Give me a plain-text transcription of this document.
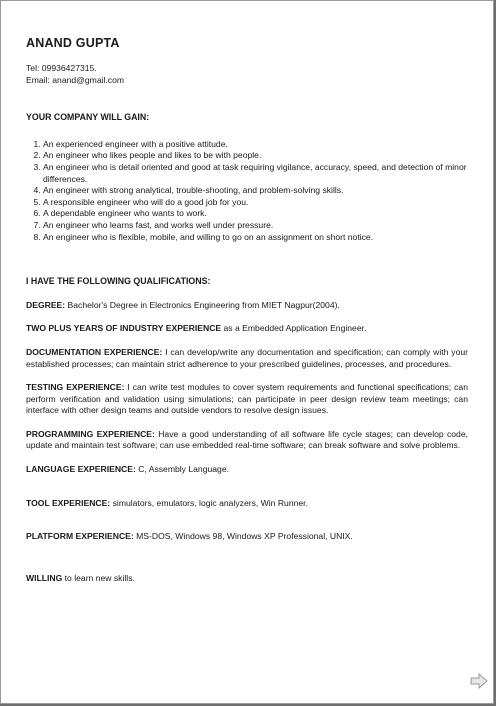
ANAND GUPTA
Tel: 09936427315.
Email: anand@gmail.com
YOUR COMPANY WILL GAIN:
1. An experienced engineer with a positive attitude.
2. An engineer who likes people and likes to be with people.
3. An engineer who is detail oriented and good at task requiring vigilance, accuracy, speed, and detection of minor differences.
4. An engineer with strong analytical, trouble-shooting, and problem-solving skills.
5. A responsible engineer who will do a good job for you.
6. A dependable engineer who wants to work.
7. An engineer who learns fast, and works well under pressure.
8. An engineer who is flexible, mobile, and willing to go on an assignment on short notice.
I HAVE THE FOLLOWING QUALIFICATIONS:
DEGREE: Bachelor's Degree in Electronics Engineering from MIET Nagpur(2004).
TWO PLUS YEARS OF INDUSTRY EXPERIENCE as a Embedded Application Engineer.
DOCUMENTATION EXPERIENCE: I can develop/write any documentation and specification; can comply with your established processes; can maintain strict adherence to your prescribed guidelines, processes, and procedures.
TESTING EXPERIENCE: I can write test modules to cover system requirements and functional specifications; can perform verification and validation using simulations; can participate in peer design review team meetings; can interface with other design teams and outside vendors to resolve design issues.
PROGRAMMING EXPERIENCE: Have a good understanding of all software life cycle stages; can develop code, update and maintain test software; can use embedded real-time software; can break software and solve problems.
LANGUAGE EXPERIENCE: C, Assembly Language.
TOOL EXPERIENCE: simulators, emulators, logic analyzers, Win Runner.
PLATFORM EXPERIENCE: MS-DOS, Windows 98, Windows XP Professional, UNIX.
WILLING to learn new skills.
